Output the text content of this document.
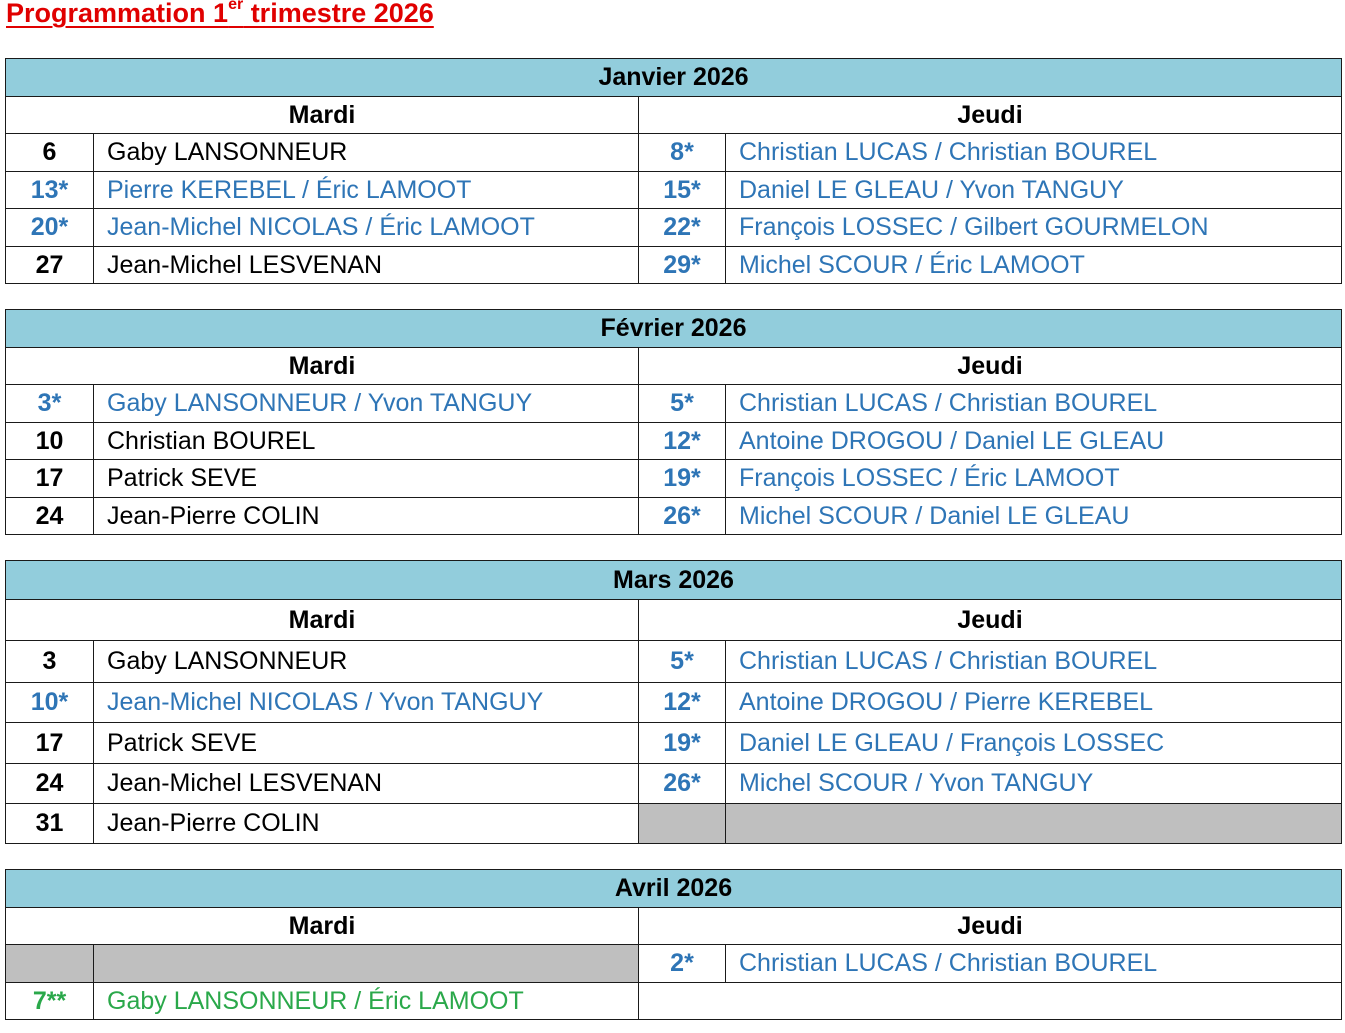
Programmation 1er trimestre 2026
Janvier 2026			
Mardi		Jeudi	
6	Gaby LANSONNEUR	8*	Christian LUCAS / Christian BOUREL
13*	Pierre KEREBEL / Éric LAMOOT	15*	Daniel LE GLEAU / Yvon TANGUY
20*	Jean-Michel NICOLAS / Éric LAMOOT	22*	François LOSSEC / Gilbert GOURMELON
27	Jean-Michel LESVENAN	29*	Michel SCOUR / Éric LAMOOT
Février 2026			
Mardi		Jeudi	
3*	Gaby LANSONNEUR / Yvon TANGUY	5*	Christian LUCAS / Christian BOUREL
10	Christian BOUREL	12*	Antoine DROGOU / Daniel LE GLEAU
17	Patrick SEVE	19*	François LOSSEC / Éric LAMOOT
24	Jean-Pierre COLIN	26*	Michel SCOUR / Daniel LE GLEAU
Mars 2026			
Mardi		Jeudi	
3	Gaby LANSONNEUR	5*	Christian LUCAS / Christian BOUREL
10*	Jean-Michel NICOLAS / Yvon TANGUY	12*	Antoine DROGOU / Pierre KEREBEL
17	Patrick SEVE	19*	Daniel LE GLEAU / François LOSSEC
24	Jean-Michel LESVENAN	26*	Michel SCOUR / Yvon TANGUY
31	Jean-Pierre COLIN		
Avril 2026			
Mardi		Jeudi	
		2*	Christian LUCAS / Christian BOUREL
7**	Gaby LANSONNEUR / Éric LAMOOT		
